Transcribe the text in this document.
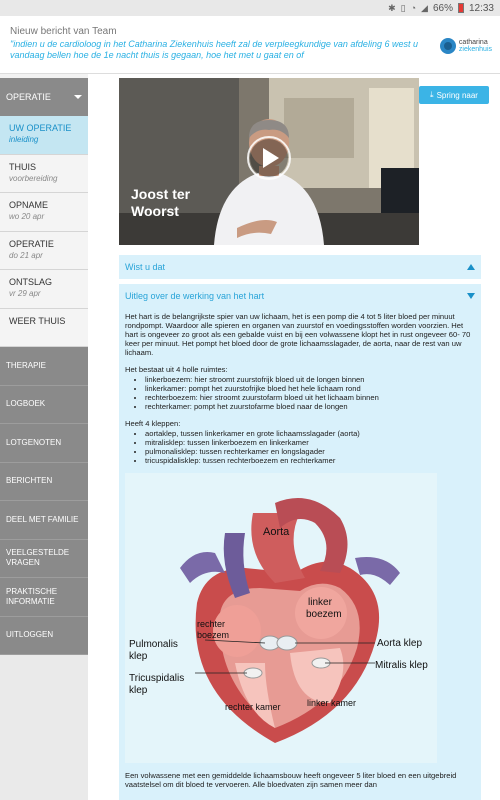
✱ ▯ ◔ ◢ 66% 12:33
Nieuw bericht van Team
"indien u de cardioloog in het Catharina Ziekenhuis heeft zal de verpleegkundige van afdeling 6 west u vandaag bellen hoe de 1e nacht thuis is gegaan, hoe het met u gaat en of
catharina
ziekenhuis
OPERATIE
UW OPERATIE
inleiding
THUIS
voorbereiding
OPNAME
wo 20 apr
OPERATIE
do 21 apr
ONTSLAG
vr 29 apr
WEER THUIS
THERAPIE
LOGBOEK
LOTGENOTEN
BERICHTEN
DEEL MET FAMILIE
VEELGESTELDE VRAGEN
PRAKTISCHE INFORMATIE
UITLOGGEN
Joost ter
Woorst
⤓ Spring naar
Wist u dat
Uitleg over de werking van het hart

Het hart is de belangrijkste spier van uw lichaam, het is een pomp die 4 tot 5 liter bloed per minuut rondpompt. Waardoor alle spieren en organen van zuurstof en voedingsstoffen worden voorzien. Het hart is ongeveer zo groot als een gebalde vuist en bij een volwassene klopt het in rust ongeveer 60- 70 keer per minuut. Het pompt het bloed door de grote lichaamsslagader, de aorta, naar de rest van uw lichaam.

Het bestaat uit 4 holle ruimtes:
• linkerboezem: hier stroomt zuurstofrijk bloed uit de longen binnen
• linkerkamer: pompt het zuurstofrijke bloed het hele lichaam rond
• rechterboezem: hier stroomt zuurstofarm bloed uit het lichaam binnen
• rechterkamer: pompt het zuurstofarme bloed naar de longen
Heeft 4 kleppen:
• aortaklep, tussen linkerkamer en grote lichaamsslagader (aorta)
• mitralisklep: tussen linkerboezem en linkerkamer
• pulmonalisklep: tussen rechterkamer en longslagader
• tricuspidalisklep: tussen rechterboezem en rechterkamer
Aorta
linker
boezem
rechter
boezem
Pulmonalis
klep
Tricuspidalis
klep
Aorta klep
Mitralis klep
rechter kamer	linker kamer
Een volwassene met een gemiddelde lichaamsbouw heeft ongeveer 5 liter bloed en een uitgebreid vaatstelsel om dit bloed te vervoeren. Alle bloedvaten zijn samen meer dan
